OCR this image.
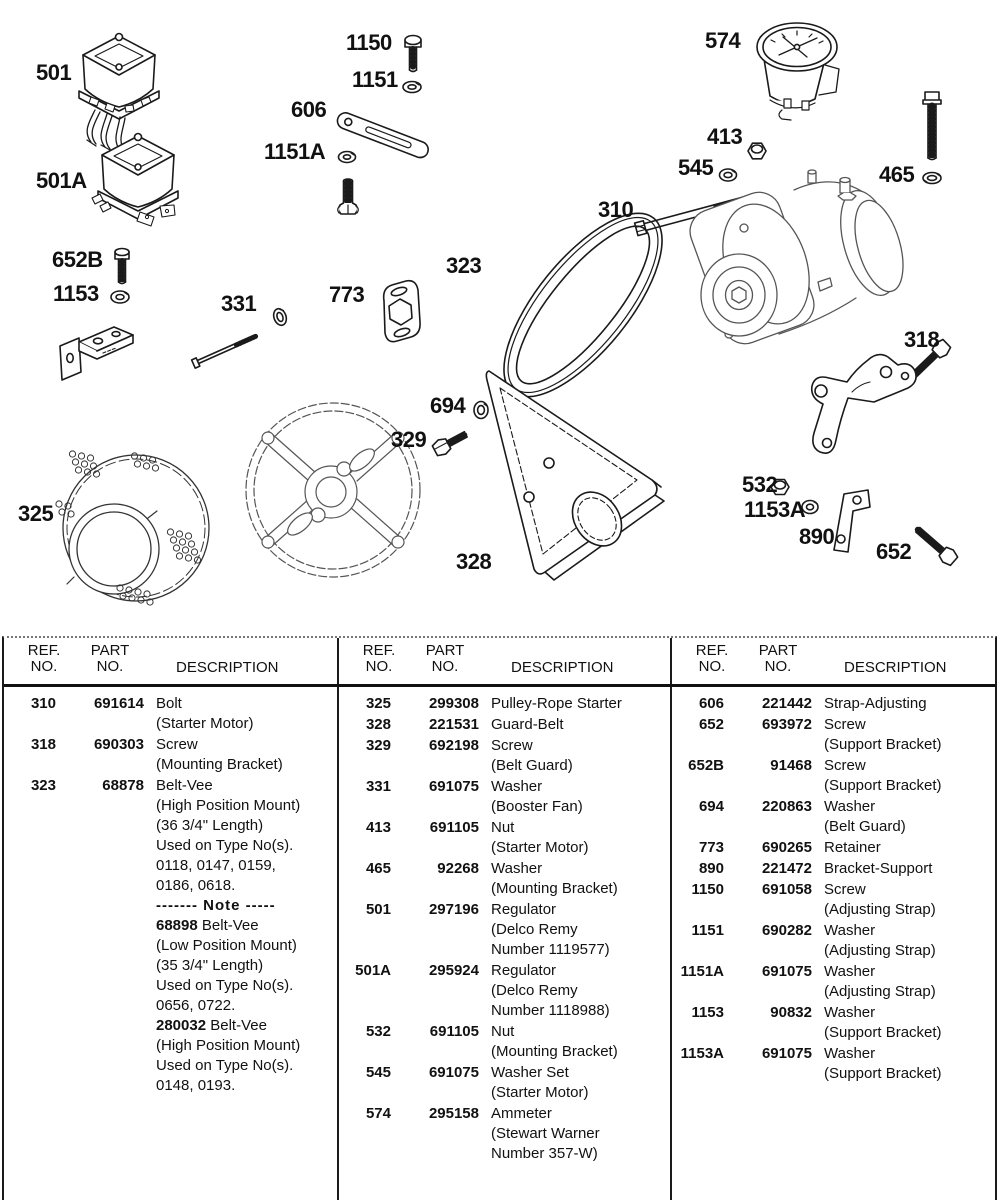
501
501A
1150
1151
606
1151A
574
413
545
310
465
652B
1153	331	773
323
318
694
329
325
328
532
1153A
890
652
REF.
NO.
PART
NO.	DESCRIPTION
REF.
NO.
PART
NO.	DESCRIPTION
REF.
NO.
PART
NO.	DESCRIPTION
310	691614 Bolt
(Starter Motor)
318	690303 Screw
(Mounting Bracket)
323	68878 Belt-Vee
(High Position Mount)
(36 3/4" Length)
Used on Type No(s).
0118, 0147, 0159,
0186, 0618.
------- Note -----
68898 Belt-Vee
(Low Position Mount)
(35 3/4" Length)
Used on Type No(s).
0656, 0722.
280032 Belt-Vee
(High Position Mount)
Used on Type No(s).
0148, 0193.
325	299308 Pulley-Rope Starter
328	221531 Guard-Belt
329	692198 Screw
(Belt Guard)
331	691075 Washer
(Booster Fan)
413	691105 Nut
(Starter Motor)
465	92268 Washer
(Mounting Bracket)
501	297196 Regulator
(Delco Remy
Number 1119577)
501A	295924 Regulator
(Delco Remy
Number 1118988)
532	691105 Nut
(Mounting Bracket)
545	691075 Washer Set
(Starter Motor)
574	295158 Ammeter
(Stewart Warner
Number 357-W)
606	221442 Strap-Adjusting
652	693972 Screw
(Support Bracket)
652B	91468 Screw
(Support Bracket)
694	220863 Washer
(Belt Guard)
773	690265 Retainer
890	221472 Bracket-Support
1150	691058 Screw
(Adjusting Strap)
1151	690282 Washer
(Adjusting Strap)
1151A	691075 Washer
(Adjusting Strap)
1153	90832 Washer
(Support Bracket)
1153A	691075 Washer
(Support Bracket)
